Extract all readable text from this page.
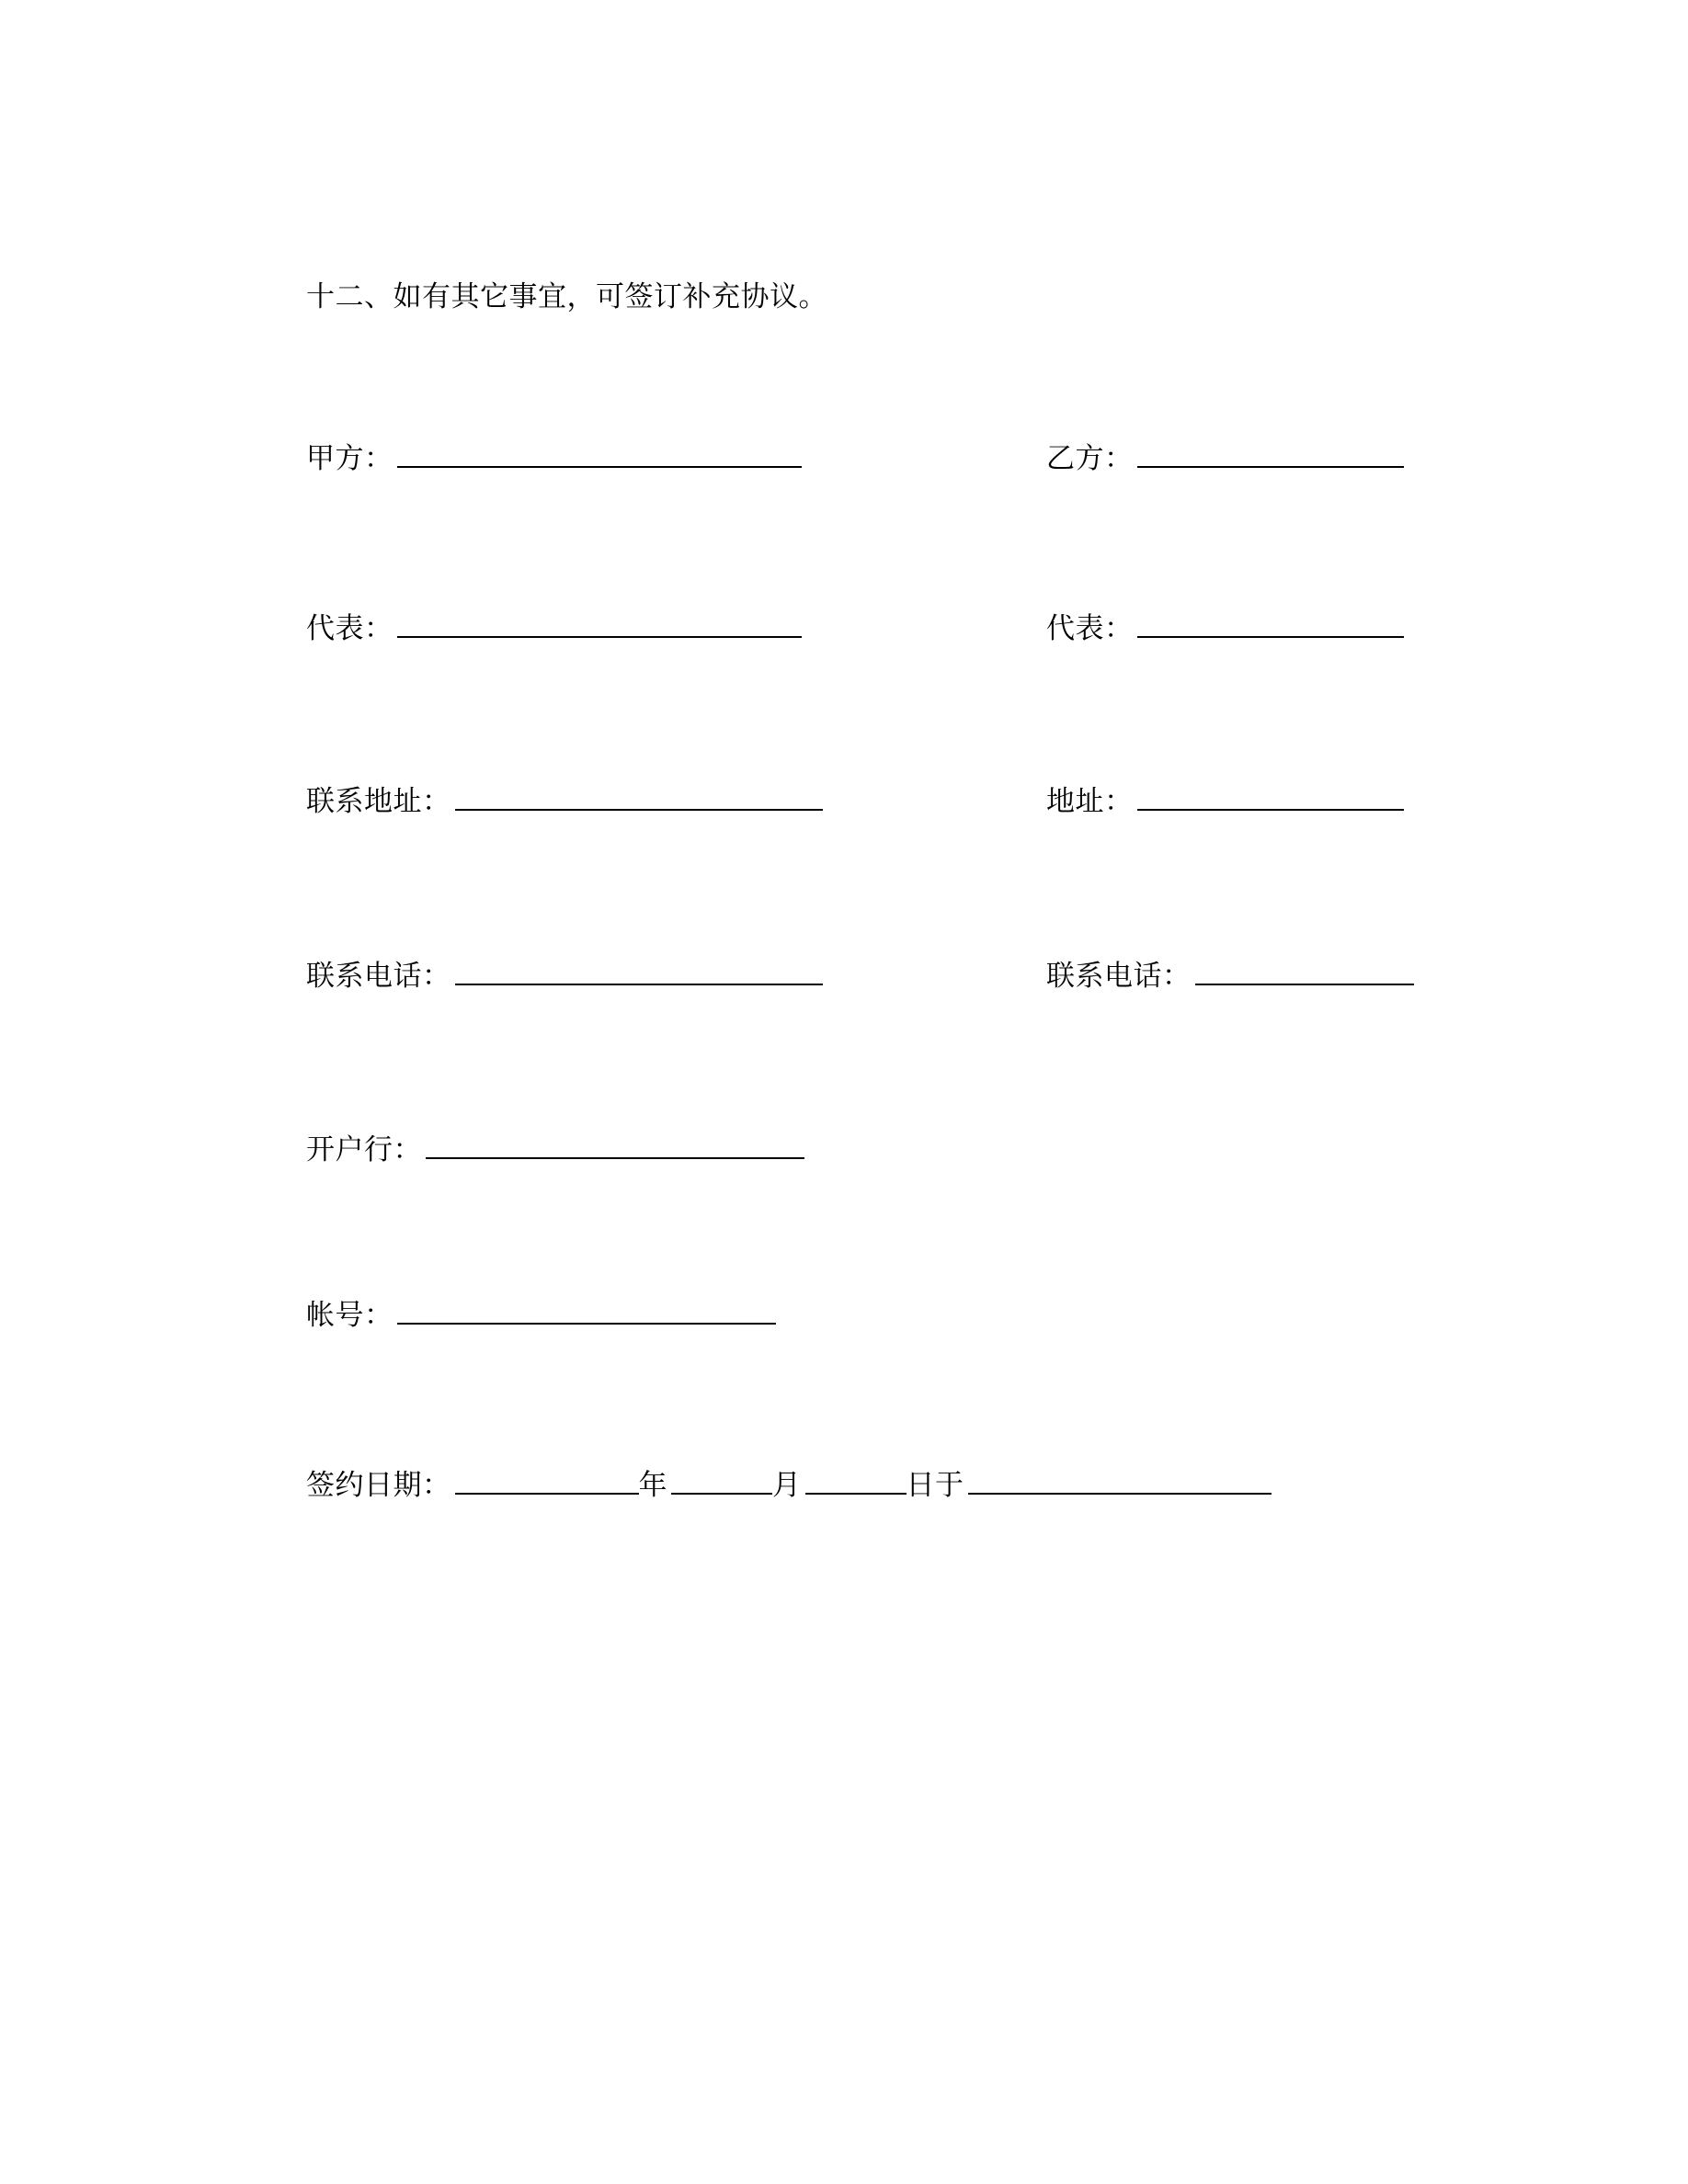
十二、如有其它事宜，可签订补充协议。
甲方：	乙方：
代表：	代表：
联系地址：	地址：
联系电话：	联系电话：
开户行：
帐号：
签约日期：	年	月	日于
